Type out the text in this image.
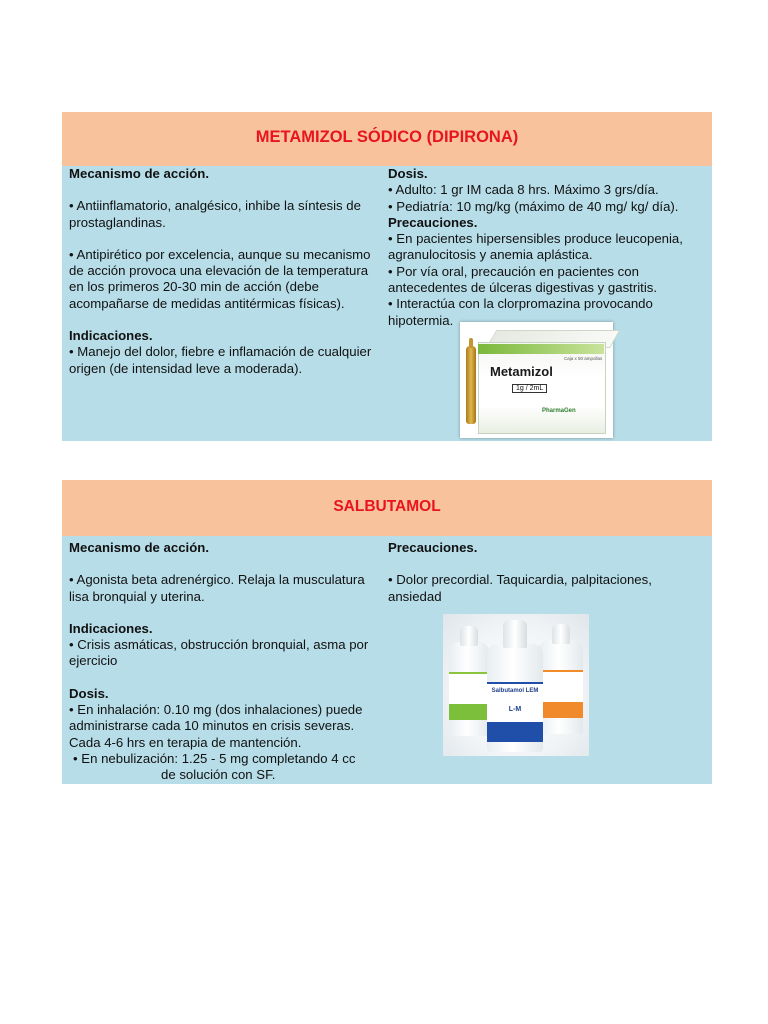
METAMIZOL SÓDICO (DIPIRONA)

Mecanismo de acción.

• Antiinflamatorio, analgésico, inhibe la síntesis de prostaglandinas.

• Antipirético por excelencia, aunque su mecanismo de acción provoca una elevación de la temperatura en los primeros 20-30 min de acción (debe acompañarse de medidas antitérmicas físicas).

Indicaciones.

• Manejo del dolor, fiebre e inflamación de cualquier origen (de intensidad leve a moderada).

Dosis.

• Adulto: 1 gr IM cada 8 hrs. Máximo 3 grs/día.

• Pediatría: 10 mg/kg (máximo de 40 mg/ kg/ día).

Precauciones.

• En pacientes hipersensibles produce leucopenia, agranulocitosis y anemia aplástica.

• Por vía oral, precaución en pacientes con antecedentes de úlceras digestivas y gastritis.

• Interactúa con la clorpromazina provocando hipotermia.

Caja x 50 ampollas
Metamizol
1g / 2mL
PharmaGen
SALBUTAMOL

Mecanismo de acción.

• Agonista beta adrenérgico. Relaja la musculatura lisa bronquial y uterina.

Indicaciones.

• Crisis asmáticas, obstrucción bronquial, asma por ejercicio

Dosis.

• En inhalación: 0.10 mg (dos inhalaciones) puede administrarse cada 10 minutos en crisis severas. Cada 4-6 hrs en terapia de mantención.

• En nebulización: 1.25 - 5 mg completando 4 cc

de solución con SF.

Precauciones.

• Dolor precordial. Taquicardia, palpitaciones, ansiedad

Salbutamol LEM
L-M
